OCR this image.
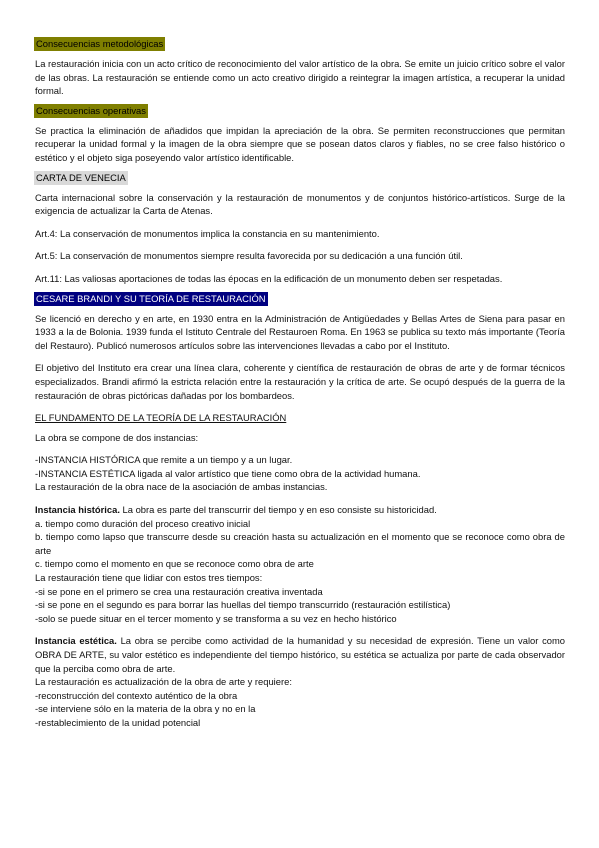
Consecuencias metodológicas

La restauración inicia con un acto crítico de reconocimiento del valor artístico de la obra. Se emite un juicio crítico sobre el valor de las obras. La restauración se entiende como un acto creativo dirigido a reintegrar la imagen artística, a recuperar la unidad formal.

Consecuencias operativas

Se practica la eliminación de añadidos que impidan la apreciación de la obra. Se permiten reconstrucciones que permitan recuperar la unidad formal y la imagen de la obra siempre que se posean datos claros y fiables, no se cree falso histórico o estético y el objeto siga poseyendo valor artístico identificable.

CARTA DE VENECIA

Carta internacional sobre la conservación y la restauración de monumentos y de conjuntos histórico-artísticos. Surge de la exigencia de actualizar la Carta de Atenas.

Art.4: La conservación de monumentos implica la constancia en su mantenimiento.

Art.5: La conservación de monumentos siempre resulta favorecida por su dedicación a una función útil.

Art.11: Las valiosas aportaciones de todas las épocas en la edificación de un monumento deben ser respetadas.

CESARE BRANDI Y SU TEORÍA DE RESTAURACIÓN

Se licenció en derecho y en arte, en 1930 entra en la Administración de Antigüedades y Bellas Artes de Siena para pasar en 1933 a la de Bolonia. 1939 funda el Istituto Centrale del Restauroen Roma. En 1963 se publica su texto más importante (Teoría del Restauro). Publicó numerosos artículos sobre las intervenciones llevadas a cabo por el Instituto.

El objetivo del Instituto era crear una línea clara, coherente y científica de restauración de obras de arte y de formar técnicos especializados. Brandi afirmó la estricta relación entre la restauración y la crítica de arte. Se ocupó después de la guerra de la restauración de obras pictóricas dañadas por los bombardeos.

EL FUNDAMENTO DE LA TEORÍA DE LA RESTAURACIÓN

La obra se compone de dos instancias:

-INSTANCIA HISTÓRICA que remite a un tiempo y a un lugar.

-INSTANCIA ESTÉTICA ligada al valor artístico que tiene como obra de la actividad humana.

La restauración de la obra nace de la asociación de ambas instancias.

Instancia histórica. La obra es parte del transcurrir del tiempo y en eso consiste su historicidad.

a. tiempo como duración del proceso creativo inicial

b. tiempo como lapso que transcurre desde su creación hasta su actualización en el momento que se reconoce como obra de arte

c. tiempo como el momento en que se reconoce como obra de arte

La restauración tiene que lidiar con estos tres tiempos:

-si se pone en el primero se crea una restauración creativa inventada

-si se pone en el segundo es para borrar las huellas del tiempo transcurrido (restauración estilística)

-solo se puede situar en el tercer momento y se transforma a su vez en hecho histórico

Instancia estética. La obra se percibe como actividad de la humanidad y su necesidad de expresión. Tiene un valor como OBRA DE ARTE, su valor estético es independiente del tiempo histórico, su estética se actualiza por parte de cada observador que la perciba como obra de arte.

La restauración es actualización de la obra de arte y requiere:

-reconstrucción del contexto auténtico de la obra

-se interviene sólo en la materia de la obra y no en la

-restablecimiento de la unidad potencial
